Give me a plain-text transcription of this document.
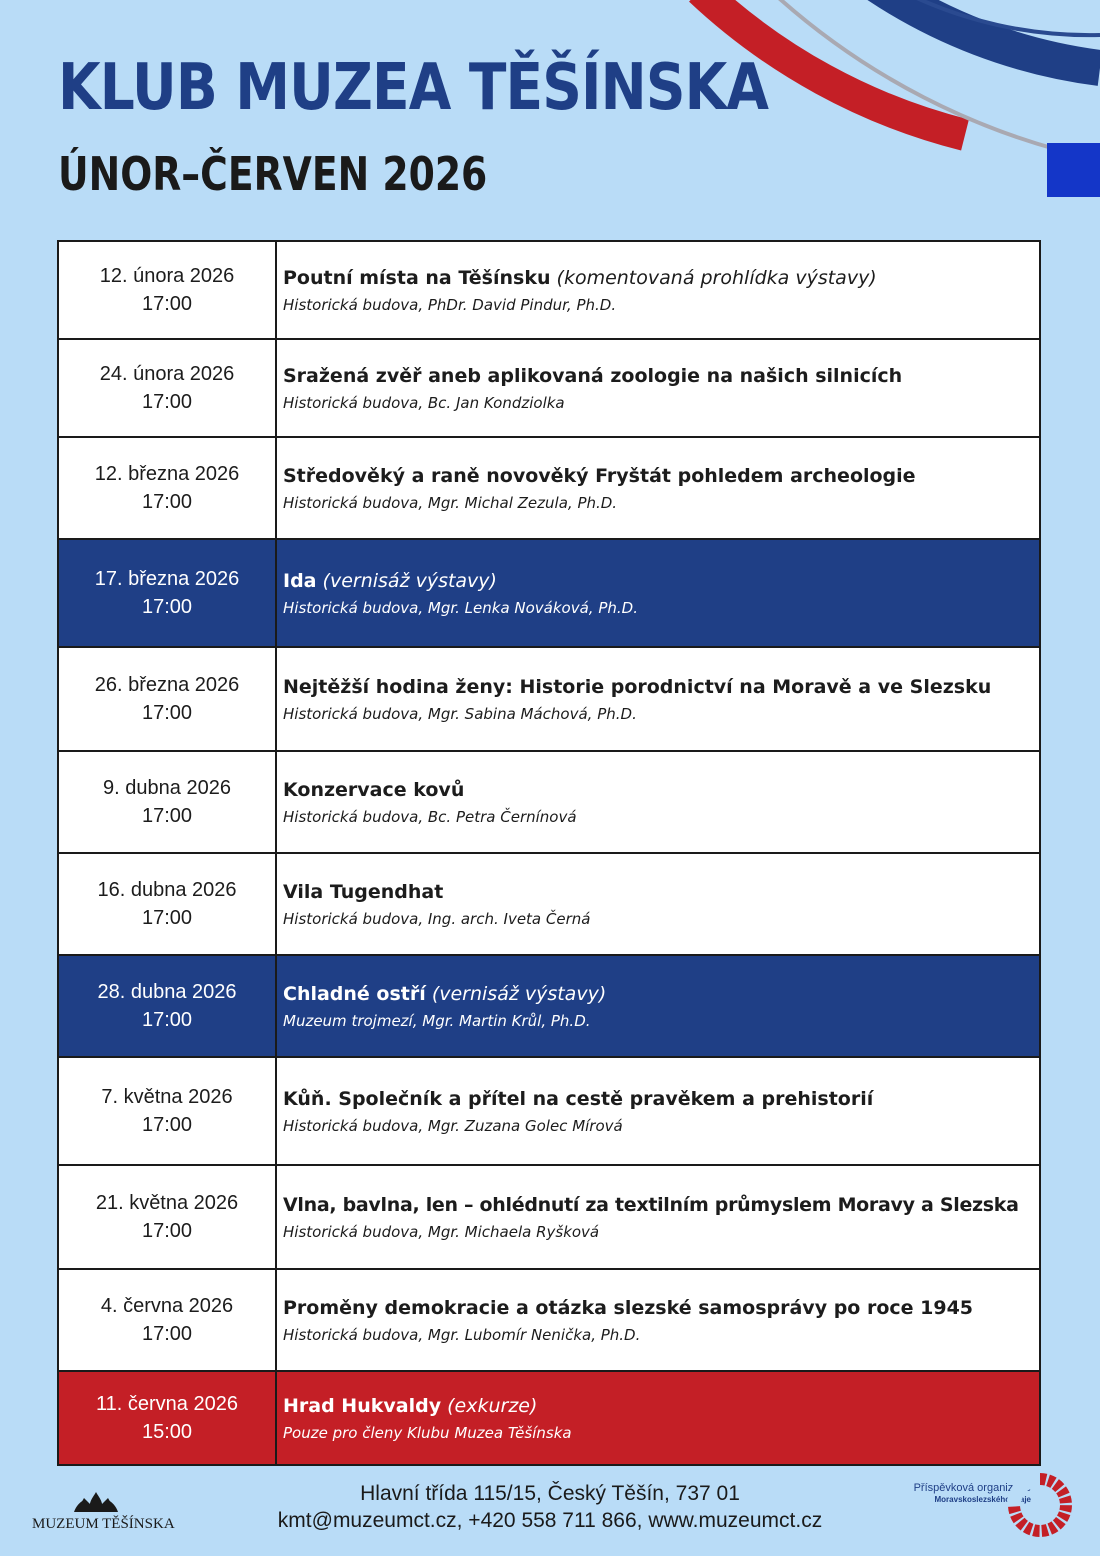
KLUB MUZEA TĚŠÍNSKA
ÚNOR–ČERVEN 2026
12. února 2026
17:00
Poutní místa na Těšínsku (komentovaná prohlídka výstavy)
Historická budova, PhDr. David Pindur, Ph.D.
24. února 2026
17:00
Sražená zvěř aneb aplikovaná zoologie na našich silnicích
Historická budova, Bc. Jan Kondziolka
12. března 2026
17:00
Středověký a raně novověký Fryštát pohledem archeologie
Historická budova, Mgr. Michal Zezula, Ph.D.
17. března 2026
17:00
Ida (vernisáž výstavy)
Historická budova, Mgr. Lenka Nováková, Ph.D.
26. března 2026
17:00
Nejtěžší hodina ženy: Historie porodnictví na Moravě a ve Slezsku
Historická budova, Mgr. Sabina Máchová, Ph.D.
9. dubna 2026
17:00
Konzervace kovů
Historická budova, Bc. Petra Černínová
16. dubna 2026
17:00
Vila Tugendhat
Historická budova, Ing. arch. Iveta Černá
28. dubna 2026
17:00
Chladné ostří (vernisáž výstavy)
Muzeum trojmezí, Mgr. Martin Krůl, Ph.D.
7. května 2026
17:00
Kůň. Společník a přítel na cestě pravěkem a prehistorií
Historická budova, Mgr. Zuzana Golec Mírová
21. května 2026
17:00
Vlna, bavlna, len – ohlédnutí za textilním průmyslem Moravy a Slezska
Historická budova, Mgr. Michaela Ryšková
4. června 2026
17:00
Proměny demokracie a otázka slezské samosprávy po roce 1945
Historická budova, Mgr. Lubomír Nenička, Ph.D.
11. června 2026
15:00
Hrad Hukvaldy (exkurze)
Pouze pro členy Klubu Muzea Těšínska
MUZEUM TĚŠÍNSKA
Hlavní třída 115/15, Český Těšín, 737 01
kmt@muzeumct.cz, +420 558 711 866, www.muzeumct.cz
Příspěvková organizace
Moravskoslezského kraje
